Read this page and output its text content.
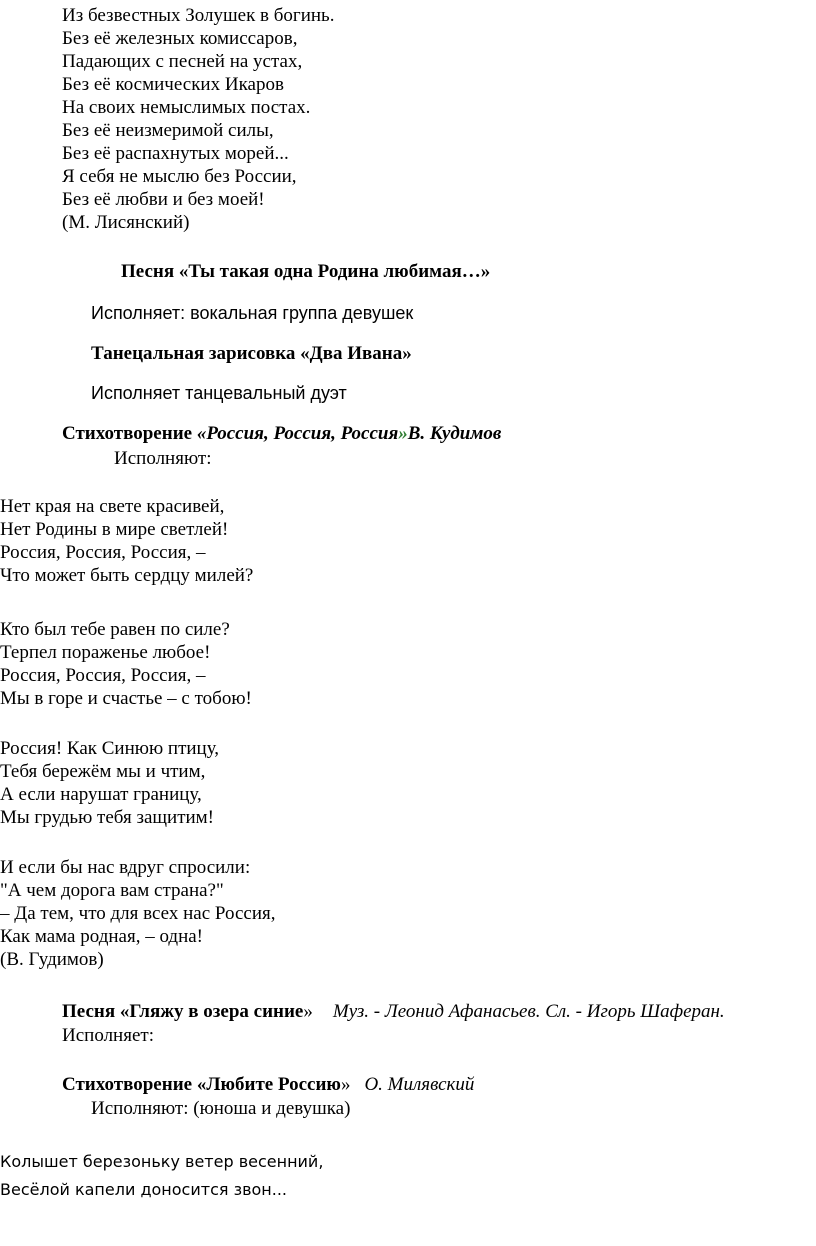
Из безвестных Золушек в богинь.
Без её железных комиссаров,
Падающих с песней на устах,
Без её космических Икаров
На своих немыслимых постах.
Без её неизмеримой силы,
Без её распахнутых морей...
Я себя не мыслю без России,
Без её любви и без моей!
(М. Лисянский)
Песня «Ты такая одна Родина любимая…»
Исполняет: вокальная группа девушек
Танецальная зарисовка «Два Ивана»
Исполняет танцевальный дуэт
Стихотворение «Россия, Россия, Россия»В. Кудимов
Исполняют:
Нет края на свете красивей,
Нет Родины в мире светлей!
Россия, Россия, Россия, –
Что может быть сердцу милей?
Кто был тебе равен по силе?
Терпел пораженье любое!
Россия, Россия, Россия, –
Мы в горе и счастье – с тобою!
Россия! Как Синюю птицу,
Тебя бережём мы и чтим,
А если нарушат границу,
Мы грудью тебя защитим!
И если бы нас вдруг спросили:
"А чем дорога вам страна?"
– Да тем, что для всех нас Россия,
Как мама родная, – одна!
(В. Гудимов)
Песня «Гляжу в озера синие» Муз. - Леонид Афанасьев. Сл. - Игорь Шаферан.
Исполняет:
Стихотворение «Любите Россию» О. Милявский
Исполняют: (юноша и девушка)
Колышет березоньку ветер весенний,
Весёлой капели доносится звон...
